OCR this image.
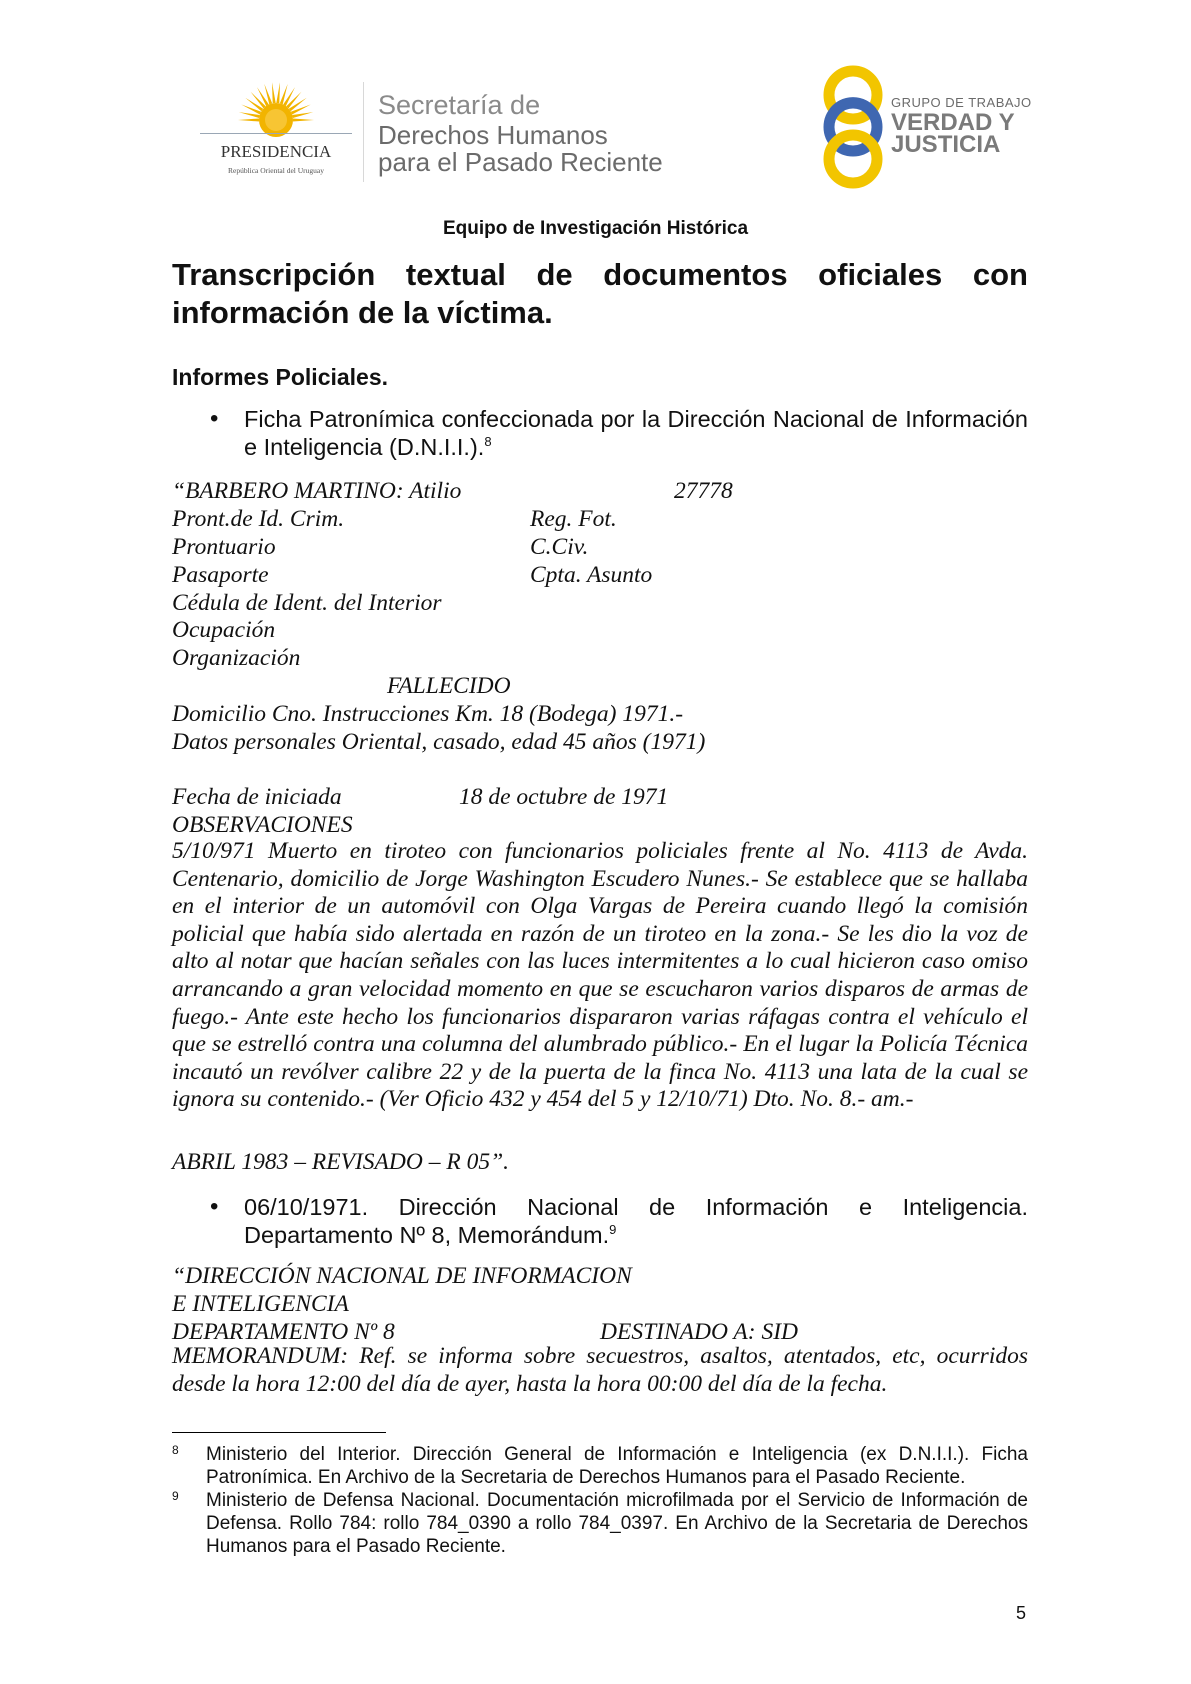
PRESIDENCIA
República Oriental del Uruguay
Secretaría de
Derechos Humanos
para el Pasado Reciente
GRUPO DE TRABAJO
VERDAD Y
JUSTICIA
Equipo de Investigación Histórica
Transcripción textual de documentos oficiales con información de la víctima.
Informes Policiales.
• Ficha Patronímica confeccionada por la Dirección Nacional de Información e Inteligencia (D.N.I.I.).$^8$
“BARBERO MARTINO: Atilio	27778
Pront.de Id. Crim.	Reg. Fot.
Prontuario	C.Civ.
Pasaporte	Cpta. Asunto
Cédula de Ident. del Interior
Ocupación
Organización
FALLECIDO
Domicilio Cno. Instrucciones Km. 18 (Bodega) 1971.-
Datos personales Oriental, casado, edad 45 años (1971)
Fecha de iniciada	18 de octubre de 1971
OBSERVACIONES
5/10/971 Muerto en tiroteo con funcionarios policiales frente al No. 4113 de Avda. Centenario, domicilio de Jorge Washington Escudero Nunes.- Se establece que se hallaba en el interior de un automóvil con Olga Vargas de Pereira cuando llegó la comisión policial que había sido alertada en razón de un tiroteo en la zona.- Se les dio la voz de alto al notar que hacían señales con las luces intermitentes a lo cual hicieron caso omiso arrancando a gran velocidad momento en que se escucharon varios disparos de armas de fuego.- Ante este hecho los funcionarios dispararon varias ráfagas contra el vehículo el que se estrelló contra una columna del alumbrado público.- En el lugar la Policía Técnica incautó un revólver calibre 22 y de la puerta de la finca No. 4113 una lata de la cual se ignora su contenido.- (Ver Oficio 432 y 454 del 5 y 12/10/71) Dto. No. 8.- am.-
ABRIL 1983 – REVISADO – R 05”.
• 06/10/1971. Dirección Nacional de Información e Inteligencia. Departamento Nº 8, Memorándum.$^9$
“DIRECCIÓN NACIONAL DE INFORMACION
E INTELIGENCIA
DEPARTAMENTO Nº 8	DESTINADO A: SID
MEMORANDUM: Ref. se informa sobre secuestros, asaltos, atentados, etc, ocurridos desde la hora 12:00 del día de ayer, hasta la hora 00:00 del día de la fecha.
8 Ministerio del Interior. Dirección General de Información e Inteligencia (ex D.N.I.I.). Ficha Patronímica. En Archivo de la Secretaria de Derechos Humanos para el Pasado Reciente.
9 Ministerio de Defensa Nacional. Documentación microfilmada por el Servicio de Información de Defensa. Rollo 784: rollo 784_0390 a rollo 784_0397. En Archivo de la Secretaria de Derechos Humanos para el Pasado Reciente.
5
